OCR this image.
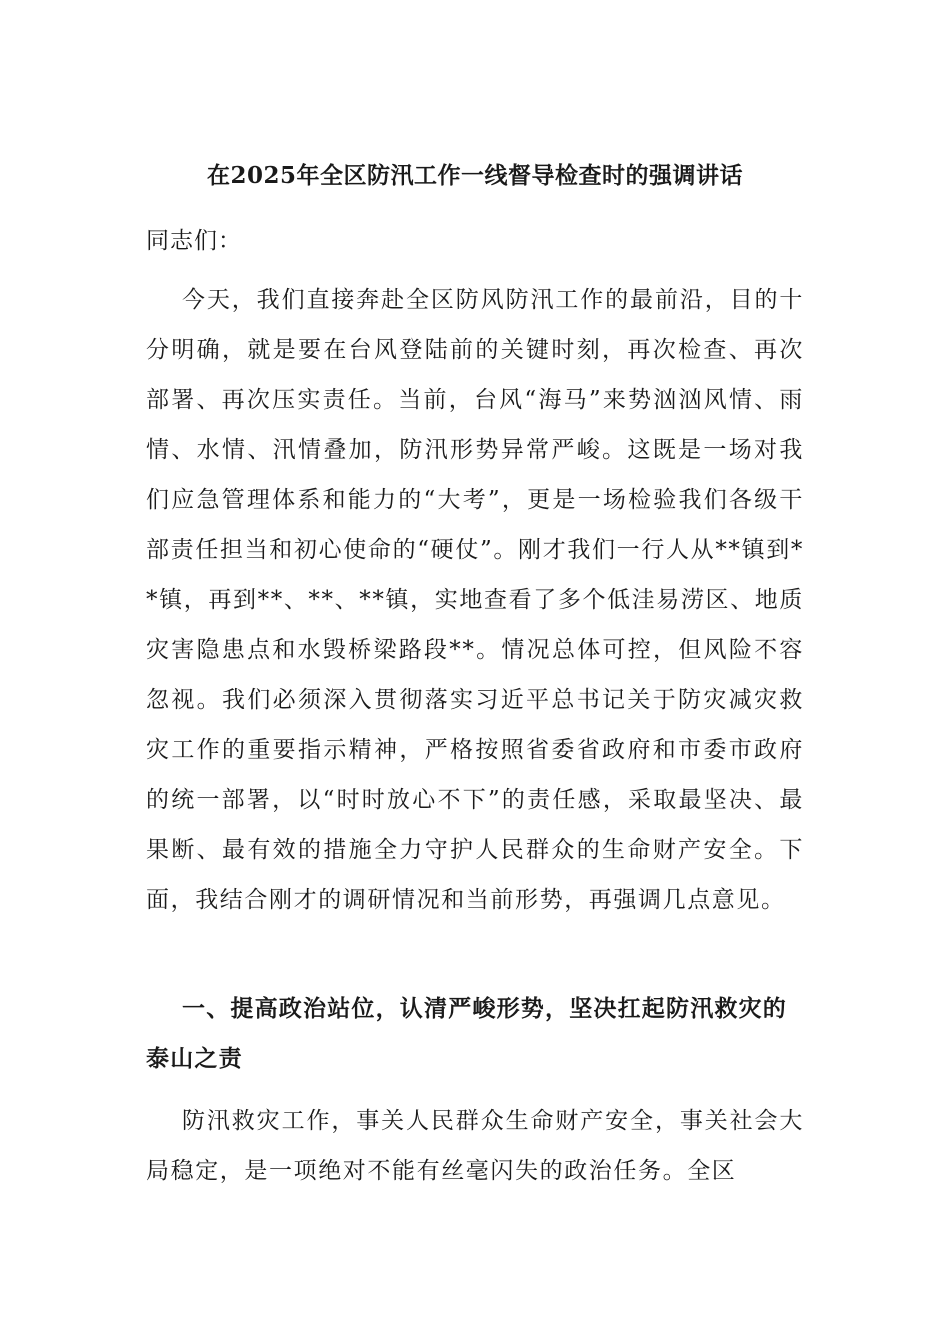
在2025年全区防汛工作一线督导检查时的强调讲话

同志们：

今天，我们直接奔赴全区防风防汛工作的最前沿，目的十分明确，就是要在台风登陆前的关键时刻，再次检查、再次部署、再次压实责任。当前，台风“海马”来势汹汹风情、雨情、水情、汛情叠加，防汛形势异常严峻。这既是一场对我们应急管理体系和能力的“大考”，更是一场检验我们各级干部责任担当和初心使命的“硬仗”。刚才我们一行人从**镇到**镇，再到**、**、**镇，实地查看了多个低洼易涝区、地质灾害隐患点和水毁桥梁路段**。情况总体可控，但风险不容忽视。我们必须深入贯彻落实习近平总书记关于防灾减灾救灾工作的重要指示精神，严格按照省委省政府和市委市政府的统一部署，以“时时放心不下”的责任感，采取最坚决、最果断、最有效的措施全力守护人民群众的生命财产安全。下面，我结合刚才的调研情况和当前形势，再强调几点意见。

一、提高政治站位，认清严峻形势，坚决扛起防汛救灾的泰山之责

防汛救灾工作，事关人民群众生命财产安全，事关社会大局稳定，是一项绝对不能有丝毫闪失的政治任务。全区
